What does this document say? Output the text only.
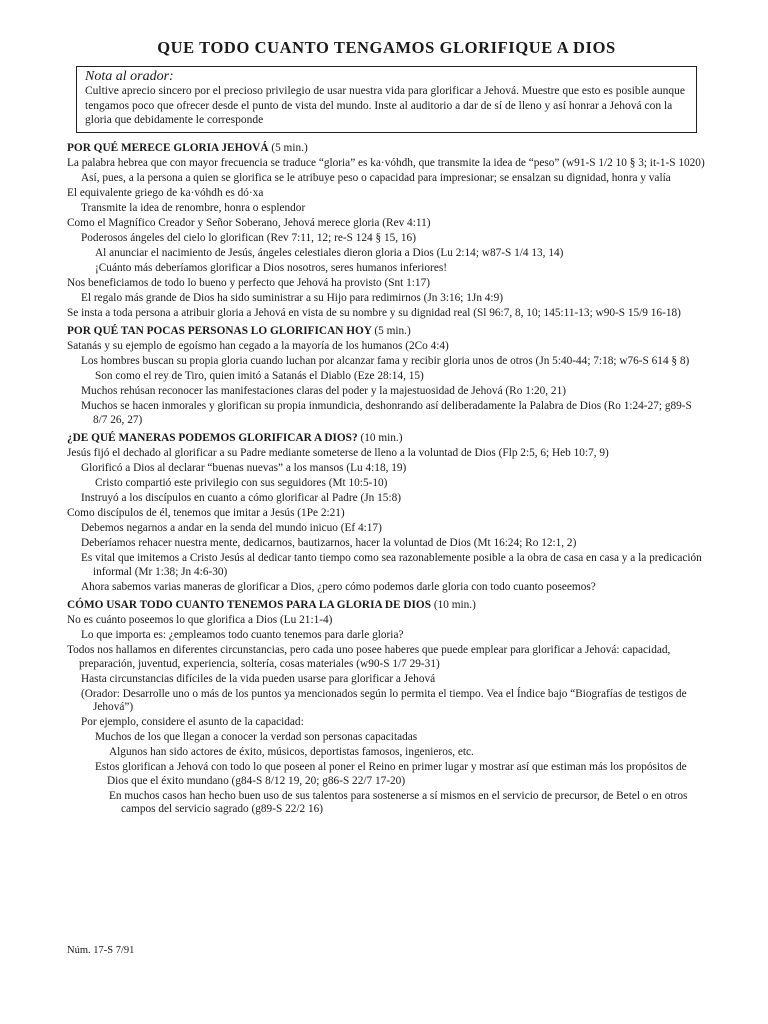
QUE TODO CUANTO TENGAMOS GLORIFIQUE A DIOS
Nota al orador:
Cultive aprecio sincero por el precioso privilegio de usar nuestra vida para glorificar a Jehová. Muestre que esto es posible aunque tengamos poco que ofrecer desde el punto de vista del mundo. Inste al auditorio a dar de sí de lleno y así honrar a Jehová con la gloria que debidamente le corresponde
POR QUÉ MERECE GLORIA JEHOVÁ (5 min.)
La palabra hebrea que con mayor frecuencia se traduce “gloria” es ka·vóhdh, que transmite la idea de “peso” (w91-S 1/2 10 § 3; it-1-S 1020)
Así, pues, a la persona a quien se glorifica se le atribuye peso o capacidad para impresionar; se ensalzan su dignidad, honra y valía
El equivalente griego de ka·vóhdh es dó·xa
Transmite la idea de renombre, honra o esplendor
Como el Magnífico Creador y Señor Soberano, Jehová merece gloria (Rev 4:11)
Poderosos ángeles del cielo lo glorifican (Rev 7:11, 12; re-S 124 § 15, 16)
Al anunciar el nacimiento de Jesús, ángeles celestiales dieron gloria a Dios (Lu 2:14; w87-S 1/4 13, 14)
¡Cuánto más deberíamos glorificar a Dios nosotros, seres humanos inferiores!
Nos beneficiamos de todo lo bueno y perfecto que Jehová ha provisto (Snt 1:17)
El regalo más grande de Dios ha sido suministrar a su Hijo para redimirnos (Jn 3:16; 1Jn 4:9)
Se insta a toda persona a atribuir gloria a Jehová en vista de su nombre y su dignidad real (Sl 96:7, 8, 10; 145:11-13; w90-S 15/9 16-18)
POR QUÉ TAN POCAS PERSONAS LO GLORIFICAN HOY (5 min.)
Satanás y su ejemplo de egoísmo han cegado a la mayoría de los humanos (2Co 4:4)
Los hombres buscan su propia gloria cuando luchan por alcanzar fama y recibir gloria unos de otros (Jn 5:40-44; 7:18; w76-S 614 § 8)
Son como el rey de Tiro, quien imitó a Satanás el Diablo (Eze 28:14, 15)
Muchos rehúsan reconocer las manifestaciones claras del poder y la majestuosidad de Jehová (Ro 1:20, 21)
Muchos se hacen inmorales y glorifican su propia inmundicia, deshonrando así deliberadamente la Palabra de Dios (Ro 1:24-27; g89-S 8/7 26, 27)
¿DE QUÉ MANERAS PODEMOS GLORIFICAR A DIOS? (10 min.)
Jesús fijó el dechado al glorificar a su Padre mediante someterse de lleno a la voluntad de Dios (Flp 2:5, 6; Heb 10:7, 9)
Glorificó a Dios al declarar “buenas nuevas” a los mansos (Lu 4:18, 19)
Cristo compartió este privilegio con sus seguidores (Mt 10:5-10)
Instruyó a los discípulos en cuanto a cómo glorificar al Padre (Jn 15:8)
Como discípulos de él, tenemos que imitar a Jesús (1Pe 2:21)
Debemos negarnos a andar en la senda del mundo inicuo (Ef 4:17)
Deberíamos rehacer nuestra mente, dedicarnos, bautizarnos, hacer la voluntad de Dios (Mt 16:24; Ro 12:1, 2)
Es vital que imitemos a Cristo Jesús al dedicar tanto tiempo como sea razonablemente posible a la obra de casa en casa y a la predicación informal (Mr 1:38; Jn 4:6-30)
Ahora sabemos varias maneras de glorificar a Dios, ¿pero cómo podemos darle gloria con todo cuanto poseemos?
CÓMO USAR TODO CUANTO TENEMOS PARA LA GLORIA DE DIOS (10 min.)
No es cuánto poseemos lo que glorifica a Dios (Lu 21:1-4)
Lo que importa es: ¿empleamos todo cuanto tenemos para darle gloria?
Todos nos hallamos en diferentes circunstancias, pero cada uno posee haberes que puede emplear para glorificar a Jehová: capacidad, preparación, juventud, experiencia, soltería, cosas materiales (w90-S 1/7 29-31)
Hasta circunstancias difíciles de la vida pueden usarse para glorificar a Jehová
(Orador: Desarrolle uno o más de los puntos ya mencionados según lo permita el tiempo. Vea el Índice bajo “Biografías de testigos de Jehová”)
Por ejemplo, considere el asunto de la capacidad:
Muchos de los que llegan a conocer la verdad son personas capacitadas
Algunos han sido actores de éxito, músicos, deportistas famosos, ingenieros, etc.
Estos glorifican a Jehová con todo lo que poseen al poner el Reino en primer lugar y mostrar así que estiman más los propósitos de Dios que el éxito mundano (g84-S 8/12 19, 20; g86-S 22/7 17-20)
En muchos casos han hecho buen uso de sus talentos para sostenerse a sí mismos en el servicio de precursor, de Betel o en otros campos del servicio sagrado (g89-S 22/2 16)
Núm. 17-S 7/91
